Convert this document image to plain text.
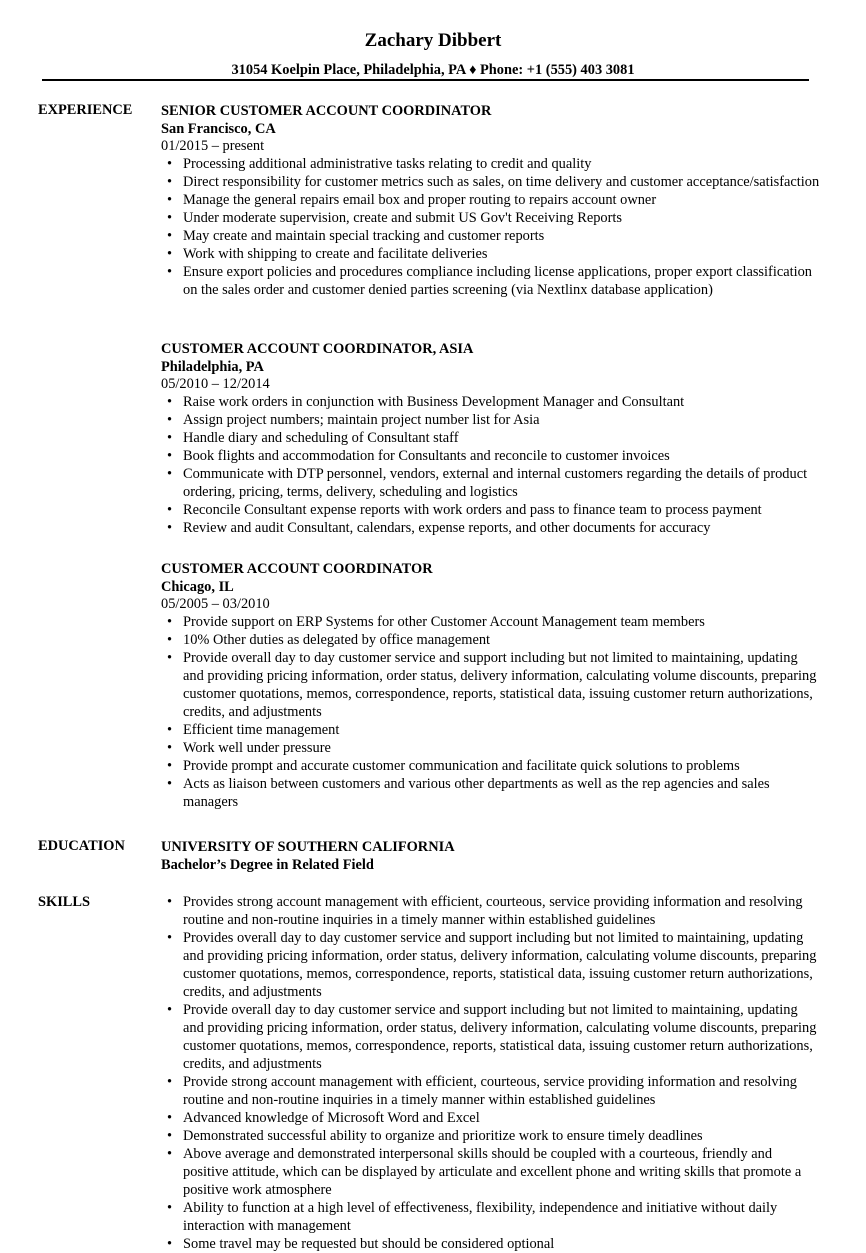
Zachary Dibbert
31054 Koelpin Place, Philadelphia, PA ♦ Phone: +1 (555) 403 3081
EXPERIENCE SENIOR CUSTOMER ACCOUNT COORDINATOR
San Francisco, CA
01/2015 – present
• Processing additional administrative tasks relating to credit and quality
• Direct responsibility for customer metrics such as sales, on time delivery and customer acceptance/satisfaction
• Manage the general repairs email box and proper routing to repairs account owner
• Under moderate supervision, create and submit US Gov't Receiving Reports
• May create and maintain special tracking and customer reports
• Work with shipping to create and facilitate deliveries
• Ensure export policies and procedures compliance including license applications, proper export classification on the sales order and customer denied parties screening (via Nextlinx database application)
CUSTOMER ACCOUNT COORDINATOR, ASIA
Philadelphia, PA
05/2010 – 12/2014
• Raise work orders in conjunction with Business Development Manager and Consultant
• Assign project numbers; maintain project number list for Asia
• Handle diary and scheduling of Consultant staff
• Book flights and accommodation for Consultants and reconcile to customer invoices
• Communicate with DTP personnel, vendors, external and internal customers regarding the details of product ordering, pricing, terms, delivery, scheduling and logistics
• Reconcile Consultant expense reports with work orders and pass to finance team to process payment
• Review and audit Consultant, calendars, expense reports, and other documents for accuracy
CUSTOMER ACCOUNT COORDINATOR
Chicago, IL
05/2005 – 03/2010
• Provide support on ERP Systems for other Customer Account Management team members
• 10% Other duties as delegated by office management
• Provide overall day to day customer service and support including but not limited to maintaining, updating and providing pricing information, order status, delivery information, calculating volume discounts, preparing customer quotations, memos, correspondence, reports, statistical data, issuing customer return authorizations, credits, and adjustments
• Efficient time management
• Work well under pressure
• Provide prompt and accurate customer communication and facilitate quick solutions to problems
• Acts as liaison between customers and various other departments as well as the rep agencies and sales managers
EDUCATION	UNIVERSITY OF SOUTHERN CALIFORNIA
Bachelor’s Degree in Related Field
SKILLS
•	Provides strong account management with efficient, courteous, service providing information and resolving routine and non-routine inquiries in a timely manner within established guidelines
• Provides overall day to day customer service and support including but not limited to maintaining, updating and providing pricing information, order status, delivery information, calculating volume discounts, preparing customer quotations, memos, correspondence, reports, statistical data, issuing customer return authorizations, credits, and adjustments
• Provide overall day to day customer service and support including but not limited to maintaining, updating and providing pricing information, order status, delivery information, calculating volume discounts, preparing customer quotations, memos, correspondence, reports, statistical data, issuing customer return authorizations, credits, and adjustments
• Provide strong account management with efficient, courteous, service providing information and resolving routine and non-routine inquiries in a timely manner within established guidelines
• Advanced knowledge of Microsoft Word and Excel
• Demonstrated successful ability to organize and prioritize work to ensure timely deadlines
• Above average and demonstrated interpersonal skills should be coupled with a courteous, friendly and positive attitude, which can be displayed by articulate and excellent phone and writing skills that promote a positive work atmosphere
• Ability to function at a high level of effectiveness, flexibility, independence and initiative without daily interaction with management
• Some travel may be requested but should be considered optional
